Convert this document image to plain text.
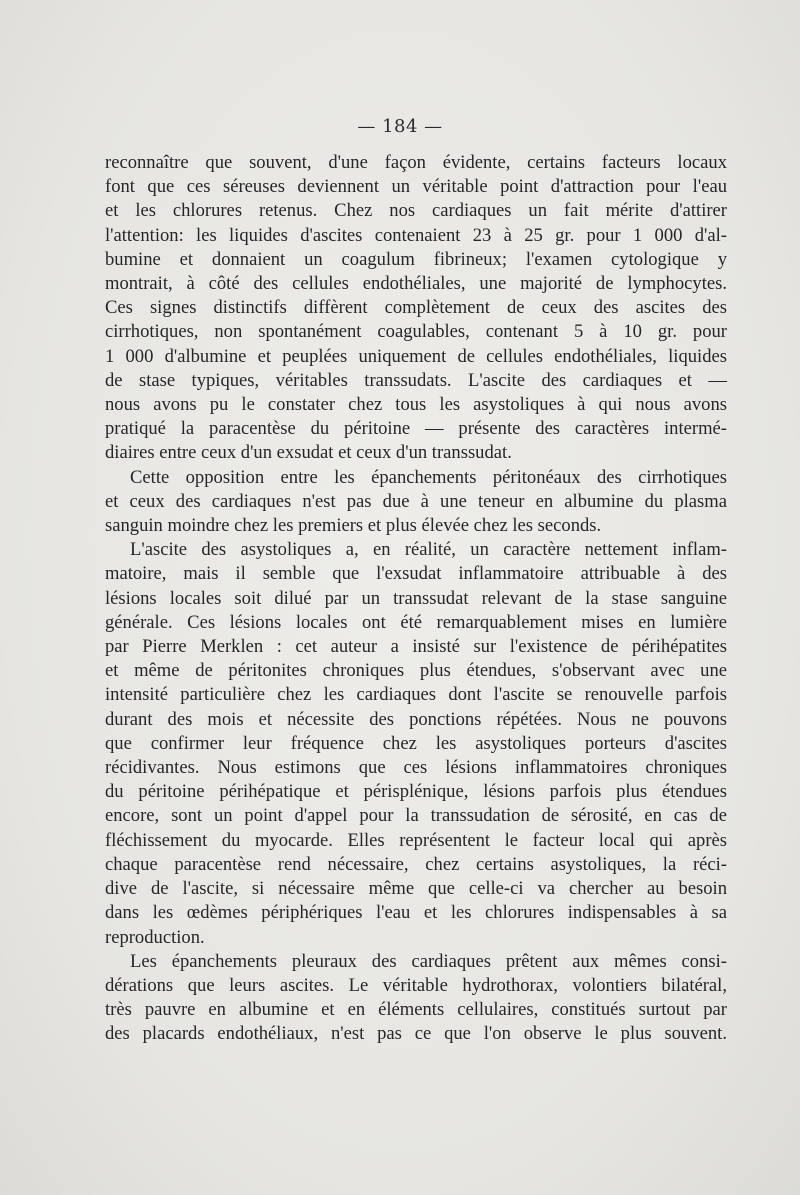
— 184 —

reconnaître que souvent, d'une façon évidente, certains facteurs locaux

font que ces séreuses deviennent un véritable point d'attraction pour l'eau

et les chlorures retenus. Chez nos cardiaques un fait mérite d'attirer

l'attention: les liquides d'ascites contenaient 23 à 25 gr. pour 1 000 d'al-

bumine et donnaient un coagulum fibrineux; l'examen cytologique y

montrait, à côté des cellules endothéliales, une majorité de lymphocytes.

Ces signes distinctifs diffèrent complètement de ceux des ascites des

cirrhotiques, non spontanément coagulables, contenant 5 à 10 gr. pour

1 000 d'albumine et peuplées uniquement de cellules endothéliales, liquides

de stase typiques, véritables transsudats. L'ascite des cardiaques et —

nous avons pu le constater chez tous les asystoliques à qui nous avons

pratiqué la paracentèse du péritoine — présente des caractères intermé-

diaires entre ceux d'un exsudat et ceux d'un transsudat.

Cette opposition entre les épanchements péritonéaux des cirrhotiques

et ceux des cardiaques n'est pas due à une teneur en albumine du plasma

sanguin moindre chez les premiers et plus élevée chez les seconds.

L'ascite des asystoliques a, en réalité, un caractère nettement inflam-

matoire, mais il semble que l'exsudat inflammatoire attribuable à des

lésions locales soit dilué par un transsudat relevant de la stase sanguine

générale. Ces lésions locales ont été remarquablement mises en lumière

par Pierre Merklen : cet auteur a insisté sur l'existence de périhépatites

et même de péritonites chroniques plus étendues, s'observant avec une

intensité particulière chez les cardiaques dont l'ascite se renouvelle parfois

durant des mois et nécessite des ponctions répétées. Nous ne pouvons

que confirmer leur fréquence chez les asystoliques porteurs d'ascites

récidivantes. Nous estimons que ces lésions inflammatoires chroniques

du péritoine périhépatique et périsplénique, lésions parfois plus étendues

encore, sont un point d'appel pour la transsudation de sérosité, en cas de

fléchissement du myocarde. Elles représentent le facteur local qui après

chaque paracentèse rend nécessaire, chez certains asystoliques, la réci-

dive de l'ascite, si nécessaire même que celle-ci va chercher au besoin

dans les œdèmes périphériques l'eau et les chlorures indispensables à sa

reproduction.

Les épanchements pleuraux des cardiaques prêtent aux mêmes consi-

dérations que leurs ascites. Le véritable hydrothorax, volontiers bilatéral,

très pauvre en albumine et en éléments cellulaires, constitués surtout par

des placards endothéliaux, n'est pas ce que l'on observe le plus souvent.
